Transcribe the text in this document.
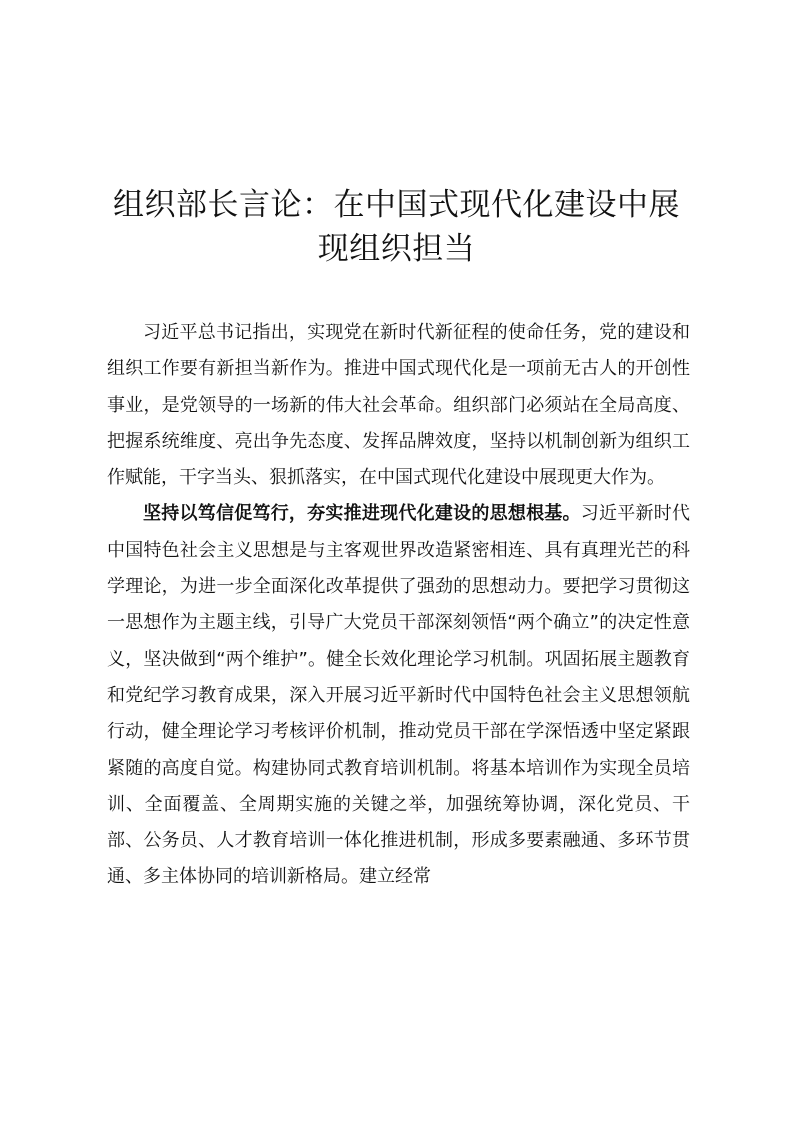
组织部长言论：在中国式现代化建设中展现组织担当

习近平总书记指出，实现党在新时代新征程的使命任务，党的建设和组织工作要有新担当新作为。推进中国式现代化是一项前无古人的开创性事业，是党领导的一场新的伟大社会革命。组织部门必须站在全局高度、把握系统维度、亮出争先态度、发挥品牌效度，坚持以机制创新为组织工作赋能，干字当头、狠抓落实，在中国式现代化建设中展现更大作为。

坚持以笃信促笃行，夯实推进现代化建设的思想根基。习近平新时代中国特色社会主义思想是与主客观世界改造紧密相连、具有真理光芒的科学理论，为进一步全面深化改革提供了强劲的思想动力。要把学习贯彻这一思想作为主题主线，引导广大党员干部深刻领悟“两个确立”的决定性意义，坚决做到“两个维护”。健全长效化理论学习机制。巩固拓展主题教育和党纪学习教育成果，深入开展习近平新时代中国特色社会主义思想领航行动，健全理论学习考核评价机制，推动党员干部在学深悟透中坚定紧跟紧随的高度自觉。构建协同式教育培训机制。将基本培训作为实现全员培训、全面覆盖、全周期实施的关键之举，加强统筹协调，深化党员、干部、公务员、人才教育培训一体化推进机制，形成多要素融通、多环节贯通、多主体协同的培训新格局。建立经常
